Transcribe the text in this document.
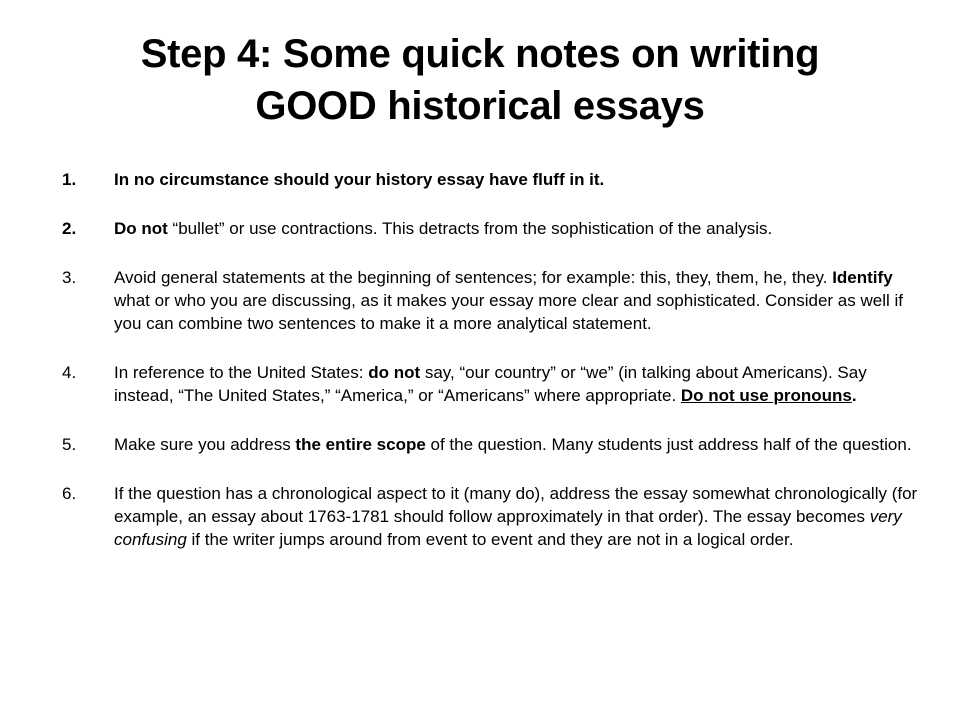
Step 4: Some quick notes on writing
GOOD historical essays
1. In no circumstance should your history essay have fluff in it.
2. Do not “bullet” or use contractions. This detracts from the sophistication of the analysis.
3. Avoid general statements at the beginning of sentences; for example: this, they, them, he, they. Identify what or who you are discussing, as it makes your essay more clear and sophisticated. Consider as well if you can combine two sentences to make it a more analytical statement.
4. In reference to the United States: do not say, “our country” or “we” (in talking about Americans). Say instead, “The United States,” “America,” or “Americans” where appropriate. Do not use pronouns.
5. Make sure you address the entire scope of the question. Many students just address half of the question.
6. If the question has a chronological aspect to it (many do), address the essay somewhat chronologically (for example, an essay about 1763-1781 should follow approximately in that order). The essay becomes very confusing if the writer jumps around from event to event and they are not in a logical order.
